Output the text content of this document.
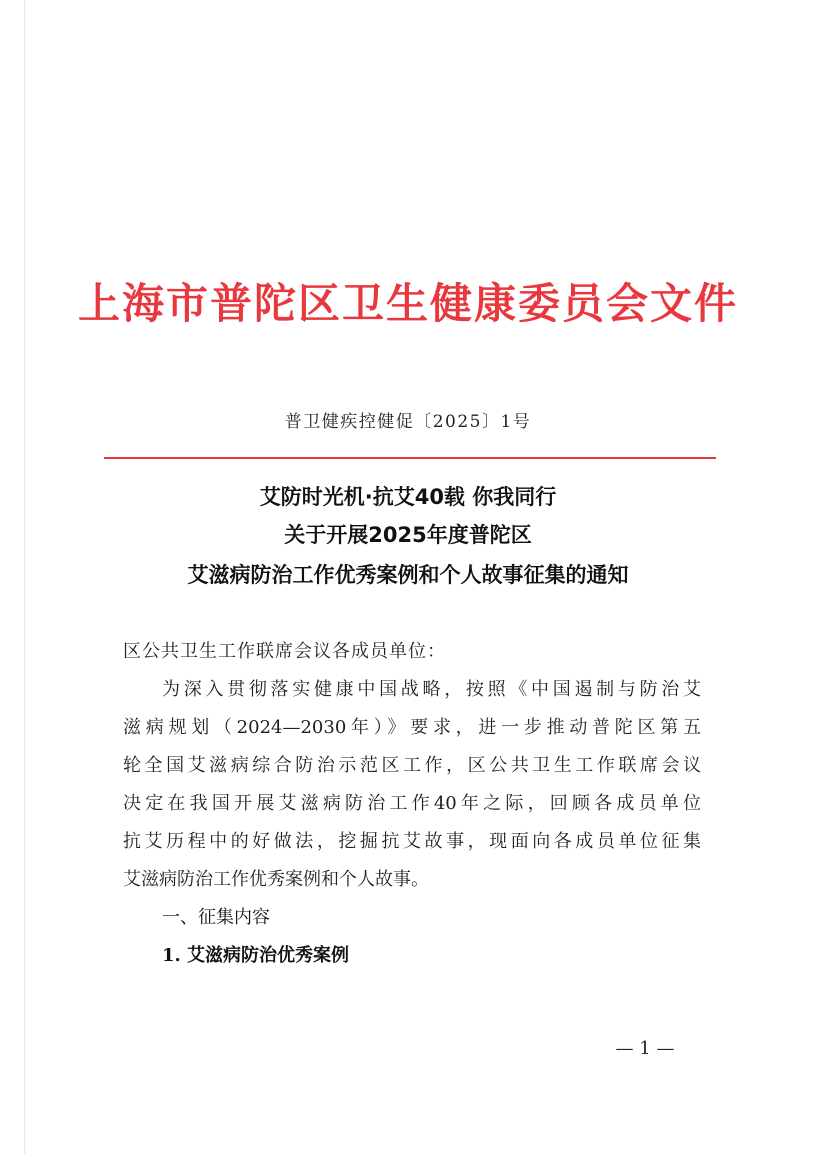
上海市普陀区卫生健康委员会文件
普卫健疾控健促〔2025〕1号
艾防时光机·抗艾40载 你我同行
关于开展2025年度普陀区
艾滋病防治工作优秀案例和个人故事征集的通知
区公共卫生工作联席会议各成员单位：
为深入贯彻落实健康中国战略，按照《中国遏制与防治艾
滋病规划（2024—2030年）》要求，进一步推动普陀区第五
轮全国艾滋病综合防治示范区工作，区公共卫生工作联席会议
决定在我国开展艾滋病防治工作40年之际，回顾各成员单位
抗艾历程中的好做法，挖掘抗艾故事，现面向各成员单位征集
艾滋病防治工作优秀案例和个人故事。
一、征集内容
1. 艾滋病防治优秀案例
— 1 —
